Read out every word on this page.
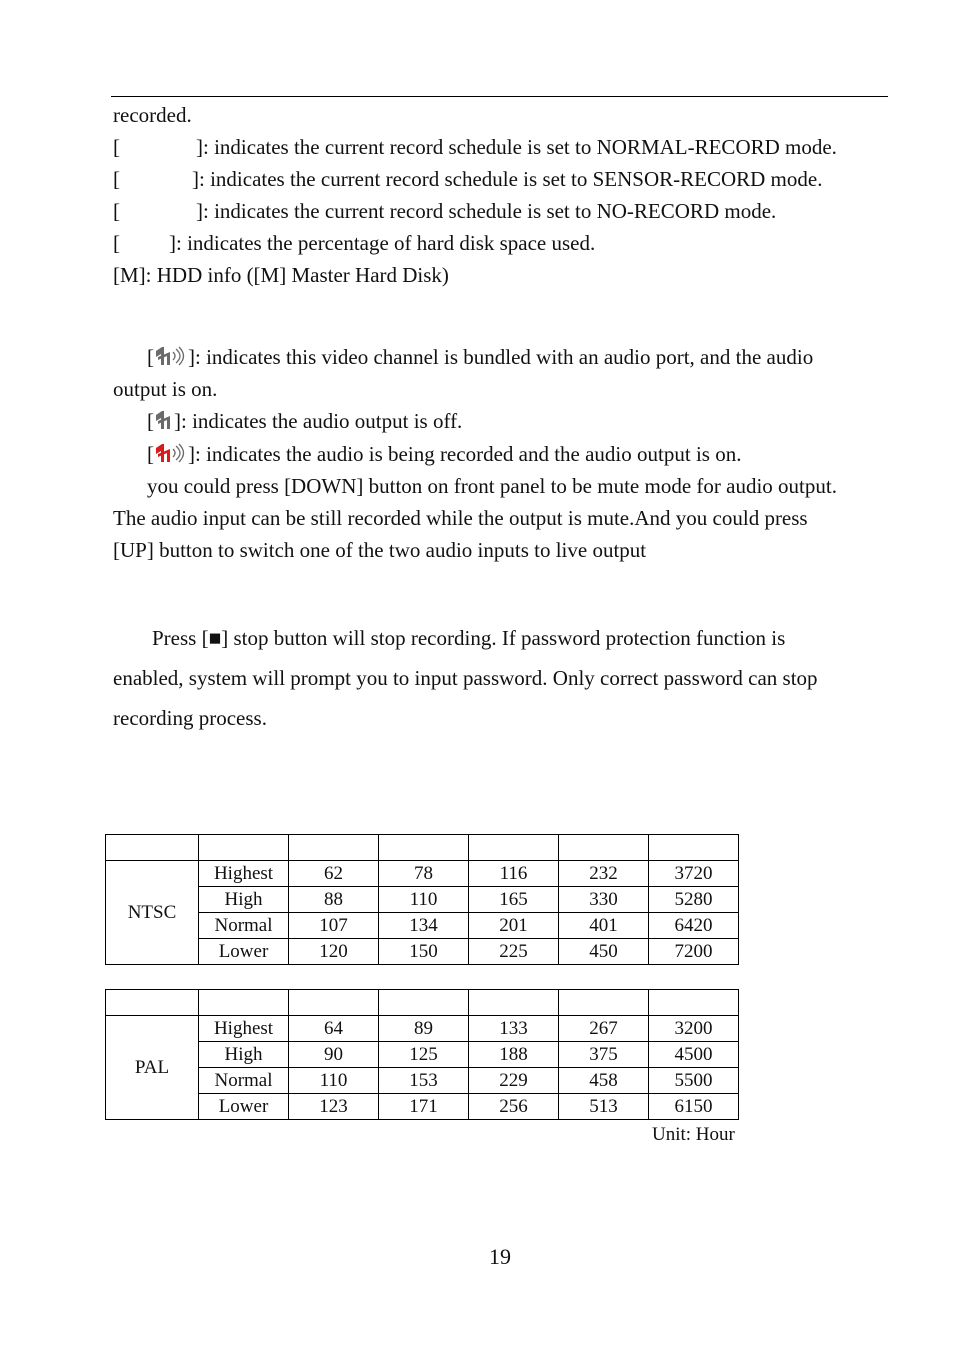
recorded.
[	]: indicates the current record schedule is set to NORMAL-RECORD mode.
[	]: indicates the current record schedule is set to SENSOR-RECORD mode.
[	]: indicates the current record schedule is set to NO-RECORD mode.
[ ]: indicates the percentage of hard disk space used.
[M]: HDD info ([M] Master Hard Disk)
[ ]: indicates this video channel is bundled with an audio port, and the audio
output is on.
[ ]: indicates the audio output is off.
[ ]: indicates the audio is being recorded and the audio output is on.
you could press [DOWN] button on front panel to be mute mode for audio output.
The audio input can be still recorded while the output is mute.And you could press
[UP] button to switch one of the two audio inputs to live output
Press [■] stop button will stop recording. If password protection function is
enabled, system will prompt you to input password. Only correct password can stop
recording process.

NTSC	Highest	62	78	116	232	3720
	High	88	110	165	330	5280
	Normal	107	134	201	401	6420
	Lower	120	150	225	450	7200

PAL	Highest	64	89	133	267	3200
	High	90	125	188	375	4500
	Normal	110	153	229	458	5500
	Lower	123	171	256	513	6150
Unit: Hour
19
